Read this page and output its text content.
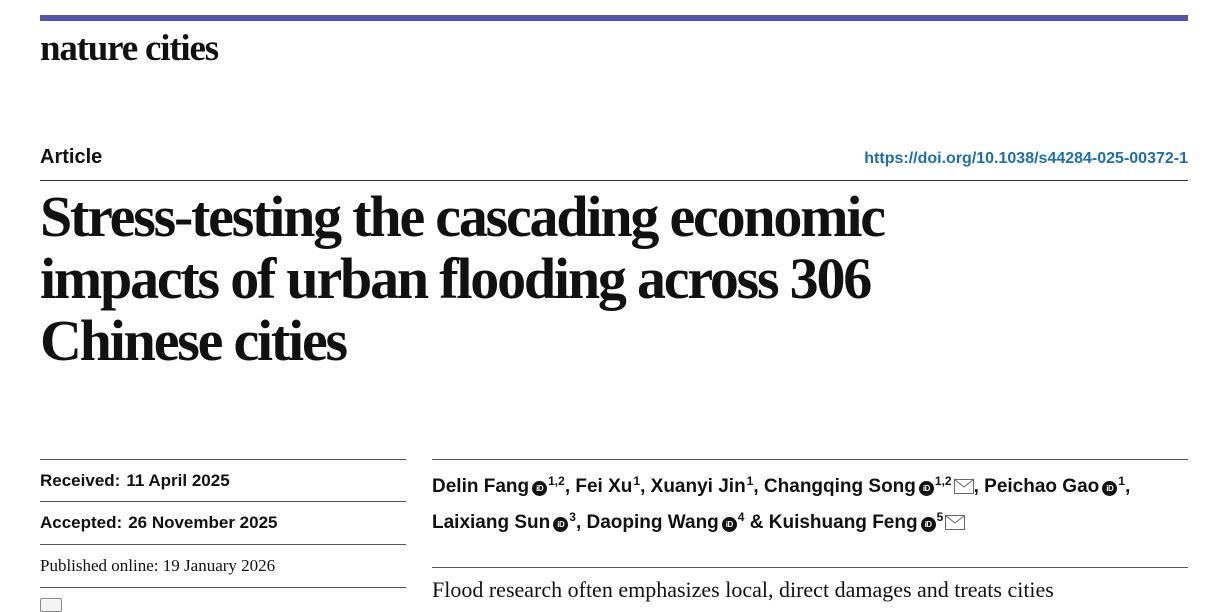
nature cities
Article	https://doi.org/10.1038/s44284-025-00372-1
Stress-testing the cascading economic
impacts of urban flooding across 306
Chinese cities
Received: 11 April 2025
Accepted: 26 November 2025
Published online:
19 January 2026
Delin Fang iD$^{1,2}$, Fei Xu$^1$, Xuanyi Jin$^1$, Changqing Song iD$^{1,2}$ , Peichao Gao iD$^1$,
Laixiang Sun iD$^3$, Daoping Wang iD$^4$ & Kuishuang Feng iD$^5$
Flood research often emphasizes local, direct damages and treats cities
